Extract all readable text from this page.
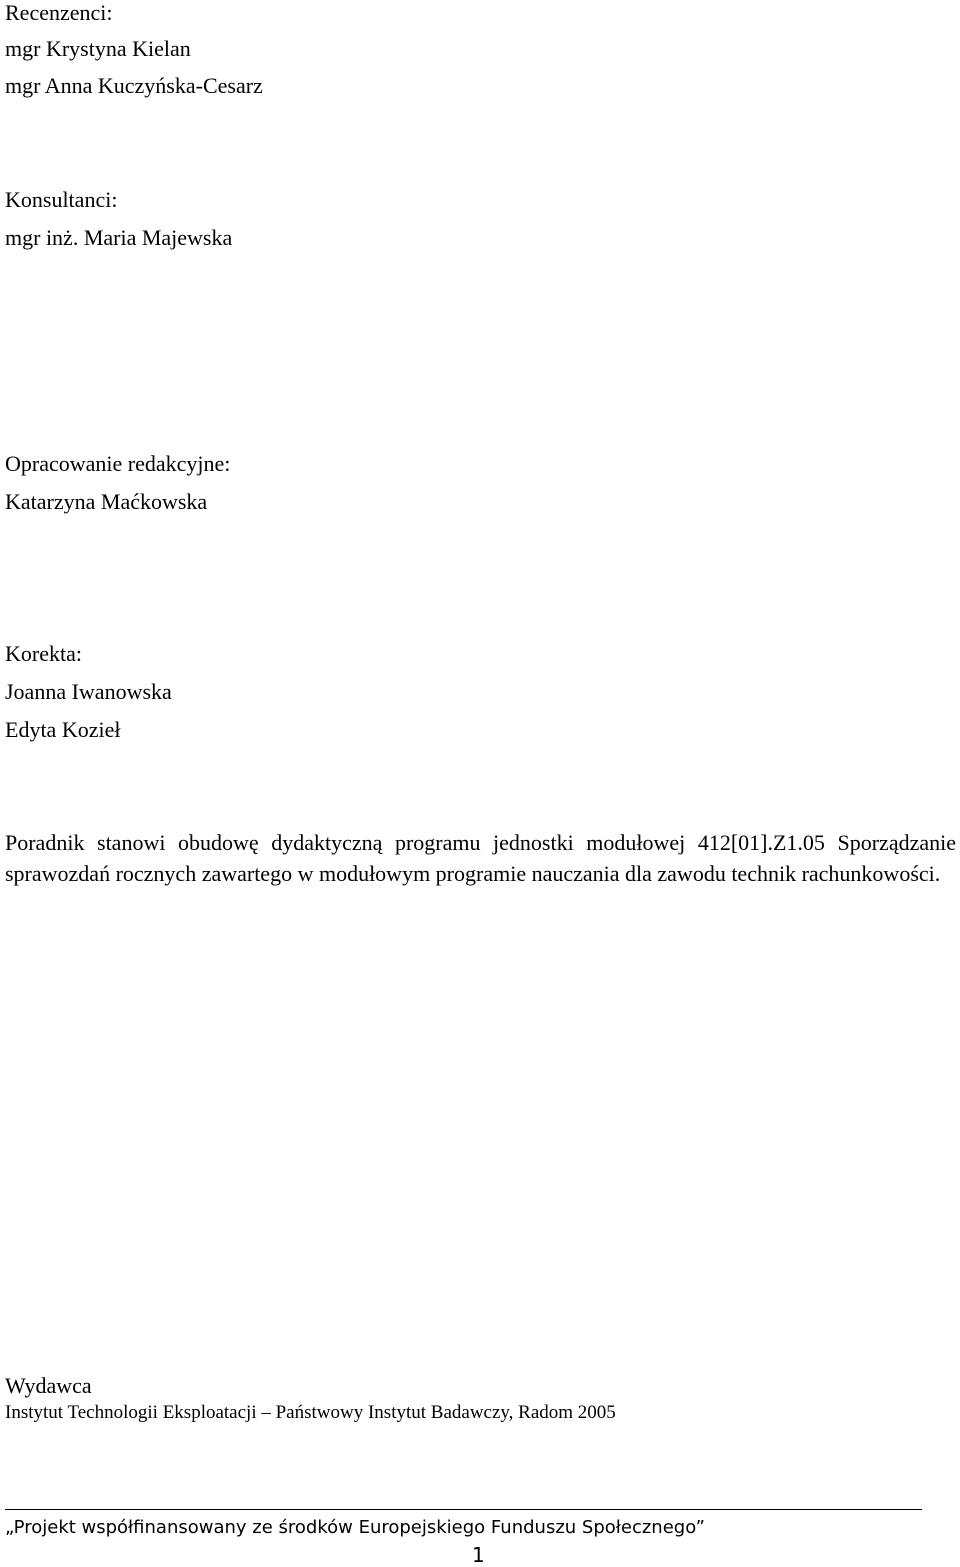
Recenzenci:
mgr Krystyna Kielan
mgr Anna Kuczyńska-Cesarz
Konsultanci:
mgr inż. Maria Majewska
Opracowanie redakcyjne:
Katarzyna Maćkowska
Korekta:
Joanna Iwanowska
Edyta Kozieł
Poradnik stanowi obudowę dydaktyczną programu jednostki modułowej 412[01].Z1.05 Sporządzanie sprawozdań rocznych zawartego w modułowym programie nauczania dla zawodu technik rachunkowości.
Wydawca
Instytut Technologii Eksploatacji – Państwowy Instytut Badawczy, Radom 2005
„Projekt współfinansowany ze środków Europejskiego Funduszu Społecznego”
1
